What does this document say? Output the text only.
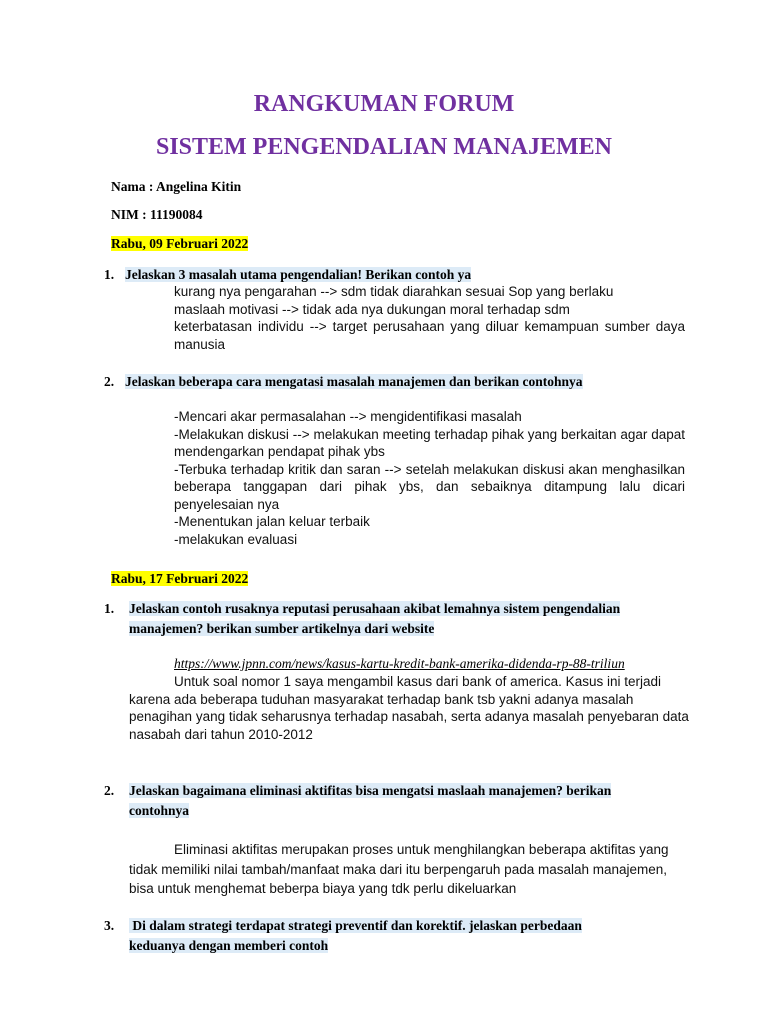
RANGKUMAN FORUM
SISTEM PENGENDALIAN MANAJEMEN
Nama : Angelina Kitin
NIM : 11190084
Rabu, 09 Februari 2022
1. Jelaskan 3 masalah utama pengendalian! Berikan contoh ya
kurang nya pengarahan --> sdm tidak diarahkan sesuai Sop yang berlaku
maslaah motivasi --> tidak ada nya dukungan moral terhadap sdm
keterbatasan individu --> target perusahaan yang diluar kemampuan sumber daya manusia
2. Jelaskan beberapa cara mengatasi masalah manajemen dan berikan contohnya
-Mencari akar permasalahan --> mengidentifikasi masalah
-Melakukan diskusi --> melakukan meeting terhadap pihak yang berkaitan agar dapat mendengarkan pendapat pihak ybs
-Terbuka terhadap kritik dan saran --> setelah melakukan diskusi akan menghasilkan beberapa tanggapan dari pihak ybs, dan sebaiknya ditampung lalu dicari penyelesaian nya
-Menentukan jalan keluar terbaik
-melakukan evaluasi
Rabu, 17 Februari 2022
1. Jelaskan contoh rusaknya reputasi perusahaan akibat lemahnya sistem pengendalian
manajemen? berikan sumber artikelnya dari website
https://www.jpnn.com/news/kasus-kartu-kredit-bank-amerika-didenda-rp-88-triliun
Untuk soal nomor 1 saya mengambil kasus dari bank of america. Kasus ini terjadi
karena ada beberapa tuduhan masyarakat terhadap bank tsb yakni adanya masalah
penagihan yang tidak seharusnya terhadap nasabah, serta adanya masalah penyebaran data
nasabah dari tahun 2010-2012
2. Jelaskan bagaimana eliminasi aktifitas bisa mengatsi maslaah manajemen? berikan
contohnya
Eliminasi aktifitas merupakan proses untuk menghilangkan beberapa aktifitas yang
tidak memiliki nilai tambah/manfaat maka dari itu berpengaruh pada masalah manajemen,
bisa untuk menghemat beberpa biaya yang tdk perlu dikeluarkan
3. Di dalam strategi terdapat strategi preventif dan korektif. jelaskan perbedaan
keduanya dengan memberi contoh
